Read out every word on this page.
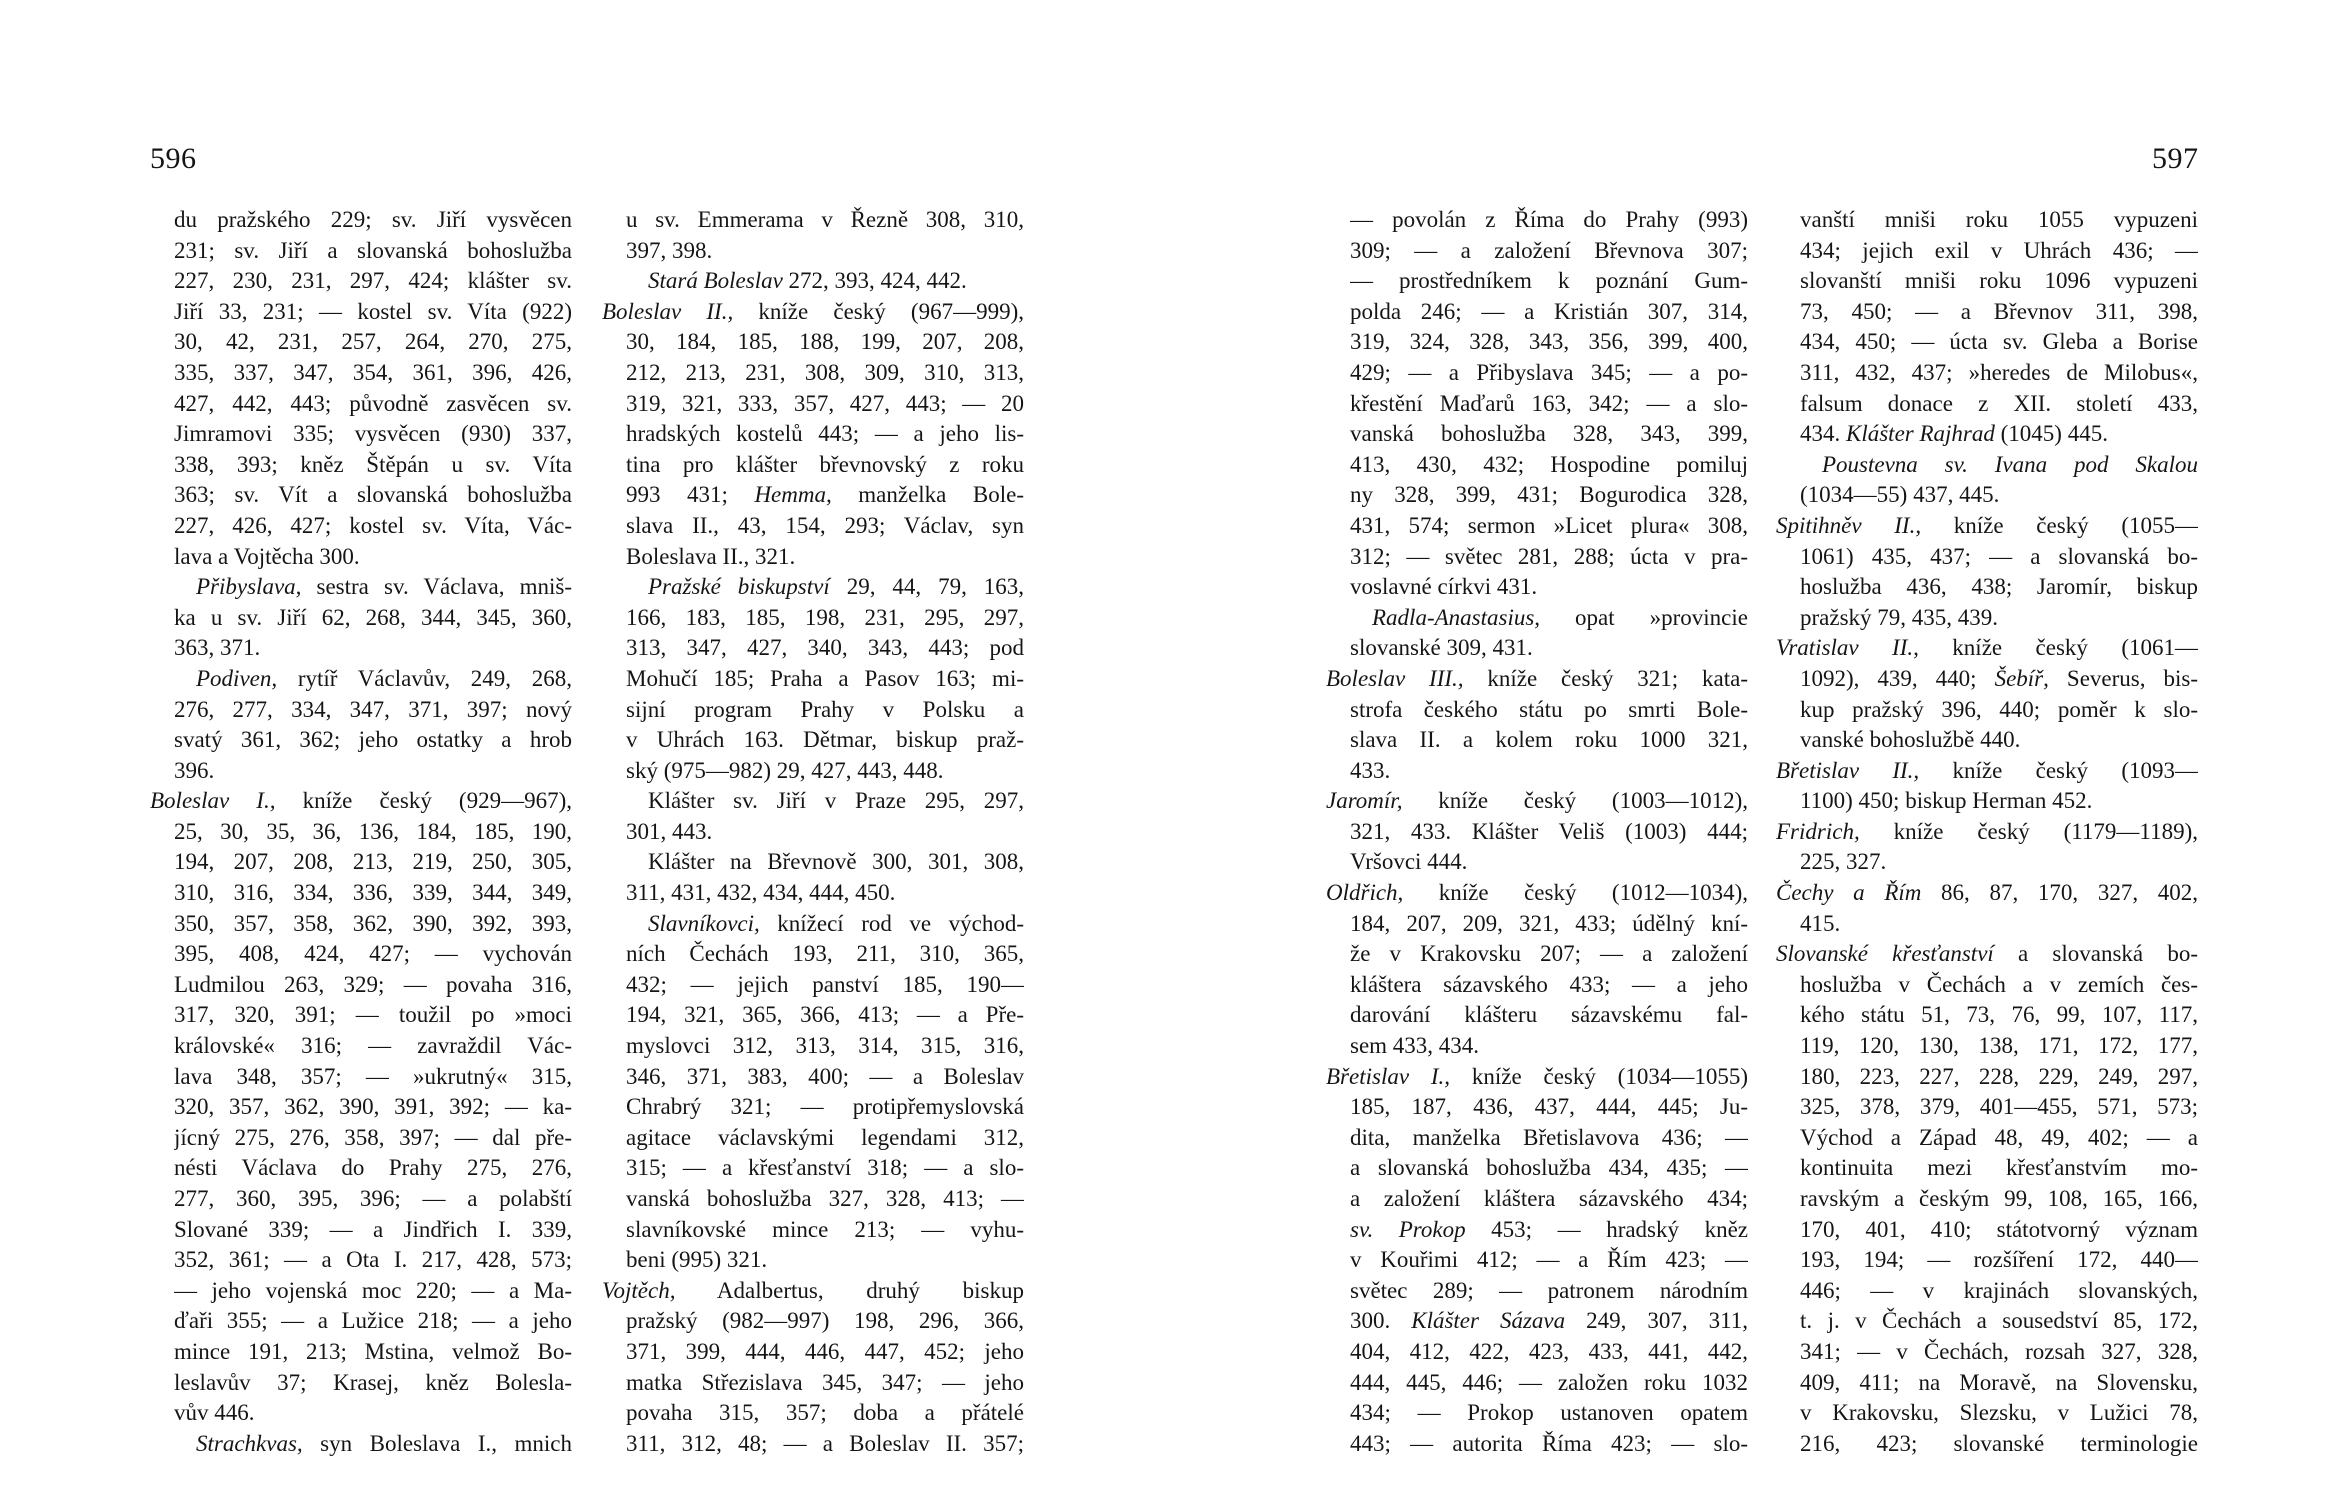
596	597
du pražského 229; sv. Jiří vysvěcen
231; sv. Jiří a slovanská bohoslužba
227, 230, 231, 297, 424; klášter sv.
Jiří 33, 231; — kostel sv. Víta (922)
30, 42, 231, 257, 264, 270, 275,
335, 337, 347, 354, 361, 396, 426,
427, 442, 443; původně zasvěcen sv.
Jimramovi 335; vysvěcen (930) 337,
338, 393; kněz Štěpán u sv. Víta
363; sv. Vít a slovanská bohoslužba
227, 426, 427; kostel sv. Víta, Vác-
lava a Vojtěcha 300.
Přibyslava, sestra sv. Václava, mniš-
ka u sv. Jiří 62, 268, 344, 345, 360,
363, 371.
Podiven, rytíř Václavův, 249, 268,
276, 277, 334, 347, 371, 397; nový
svatý 361, 362; jeho ostatky a hrob
396.
Boleslav I., kníže český (929—967),
25, 30, 35, 36, 136, 184, 185, 190,
194, 207, 208, 213, 219, 250, 305,
310, 316, 334, 336, 339, 344, 349,
350, 357, 358, 362, 390, 392, 393,
395, 408, 424, 427; — vychován
Ludmilou 263, 329; — povaha 316,
317, 320, 391; — toužil po »moci
královské« 316; — zavraždil Vác-
lava 348, 357; — »ukrutný« 315,
320, 357, 362, 390, 391, 392; — ka-
jícný 275, 276, 358, 397; — dal pře-
nésti Václava do Prahy 275, 276,
277, 360, 395, 396; — a polabští
Slované 339; — a Jindřich I. 339,
352, 361; — a Ota I. 217, 428, 573;
— jeho vojenská moc 220; — a Ma-
ďaři 355; — a Lužice 218; — a jeho
mince 191, 213; Mstina, velmož Bo-
leslavův 37; Krasej, kněz Bolesla-
vův 446.
Strachkvas, syn Boleslava I., mnich
u sv. Emmerama v Řezně 308, 310,
397, 398.
Stará Boleslav 272, 393, 424, 442.
Boleslav II., kníže český (967—999),
30, 184, 185, 188, 199, 207, 208,
212, 213, 231, 308, 309, 310, 313,
319, 321, 333, 357, 427, 443; — 20
hradských kostelů 443; — a jeho lis-
tina pro klášter břevnovský z roku
993 431; Hemma, manželka Bole-
slava II., 43, 154, 293; Václav, syn
Boleslava II., 321.
Pražské biskupství 29, 44, 79, 163,
166, 183, 185, 198, 231, 295, 297,
313, 347, 427, 340, 343, 443; pod
Mohučí 185; Praha a Pasov 163; mi-
sijní program Prahy v Polsku a
v Uhrách 163. Dětmar, biskup praž-
ský (975—982) 29, 427, 443, 448.
Klášter sv. Jiří v Praze 295, 297,
301, 443.
Klášter na Břevnově 300, 301, 308,
311, 431, 432, 434, 444, 450.
Slavníkovci, knížecí rod ve východ-
ních Čechách 193, 211, 310, 365,
432; — jejich panství 185, 190—
194, 321, 365, 366, 413; — a Pře-
myslovci 312, 313, 314, 315, 316,
346, 371, 383, 400; — a Boleslav
Chrabrý 321; — protipřemyslovská
agitace václavskými legendami 312,
315; — a křesťanství 318; — a slo-
vanská bohoslužba 327, 328, 413; —
slavníkovské mince 213; — vyhu-
beni (995) 321.
Vojtěch, Adalbertus, druhý biskup
pražský (982—997) 198, 296, 366,
371, 399, 444, 446, 447, 452; jeho
matka Střezislava 345, 347; — jeho
povaha 315, 357; doba a přátelé
311, 312, 48; — a Boleslav II. 357;
— povolán z Říma do Prahy (993)
309; — a založení Břevnova 307;
— prostředníkem k poznání Gum-
polda 246; — a Kristián 307, 314,
319, 324, 328, 343, 356, 399, 400,
429; — a Přibyslava 345; — a po-
křestění Maďarů 163, 342; — a slo-
vanská bohoslužba 328, 343, 399,
413, 430, 432; Hospodine pomiluj
ny 328, 399, 431; Bogurodica 328,
431, 574; sermon »Licet plura« 308,
312; — světec 281, 288; úcta v pra-
voslavné církvi 431.
Radla-Anastasius, opat »provincie
slovanské 309, 431.
Boleslav III., kníže český 321; kata-
strofa českého státu po smrti Bole-
slava II. a kolem roku 1000 321,
433.
Jaromír, kníže český (1003—1012),
321, 433. Klášter Veliš (1003) 444;
Vršovci 444.
Oldřich, kníže český (1012—1034),
184, 207, 209, 321, 433; údělný kní-
že v Krakovsku 207; — a založení
kláštera sázavského 433; — a jeho
darování klášteru sázavskému fal-
sem 433, 434.
Břetislav I., kníže český (1034—1055)
185, 187, 436, 437, 444, 445; Ju-
dita, manželka Břetislavova 436; —
a slovanská bohoslužba 434, 435; —
a založení kláštera sázavského 434;
sv. Prokop 453; — hradský kněz
v Kouřimi 412; — a Řím 423; —
světec 289; — patronem národním
300. Klášter Sázava 249, 307, 311,
404, 412, 422, 423, 433, 441, 442,
444, 445, 446; — založen roku 1032
434; — Prokop ustanoven opatem
443; — autorita Říma 423; — slo-
vanští mniši roku 1055 vypuzeni
434; jejich exil v Uhrách 436; —
slovanští mniši roku 1096 vypuzeni
73, 450; — a Břevnov 311, 398,
434, 450; — úcta sv. Gleba a Borise
311, 432, 437; »heredes de Milobus«,
falsum donace z XII. století 433,
434. Klášter Rajhrad (1045) 445.
Poustevna sv. Ivana pod Skalou
(1034—55) 437, 445.
Spitihněv II., kníže český (1055—
1061) 435, 437; — a slovanská bo-
hoslužba 436, 438; Jaromír, biskup
pražský 79, 435, 439.
Vratislav II., kníže český (1061—
1092), 439, 440; Šebíř, Severus, bis-
kup pražský 396, 440; poměr k slo-
vanské bohoslužbě 440.
Břetislav II., kníže český (1093—
1100) 450; biskup Herman 452.
Fridrich, kníže český (1179—1189),
225, 327.
Čechy a Řím 86, 87, 170, 327, 402,
415.
Slovanské křesťanství a slovanská bo-
hoslužba v Čechách a v zemích čes-
kého státu 51, 73, 76, 99, 107, 117,
119, 120, 130, 138, 171, 172, 177,
180, 223, 227, 228, 229, 249, 297,
325, 378, 379, 401—455, 571, 573;
Východ a Západ 48, 49, 402; — a
kontinuita mezi křesťanstvím mo-
ravským a českým 99, 108, 165, 166,
170, 401, 410; státotvorný význam
193, 194; — rozšíření 172, 440—
446; — v krajinách slovanských,
t. j. v Čechách a sousedství 85, 172,
341; — v Čechách, rozsah 327, 328,
409, 411; na Moravě, na Slovensku,
v Krakovsku, Slezsku, v Lužici 78,
216, 423; slovanské terminologie
